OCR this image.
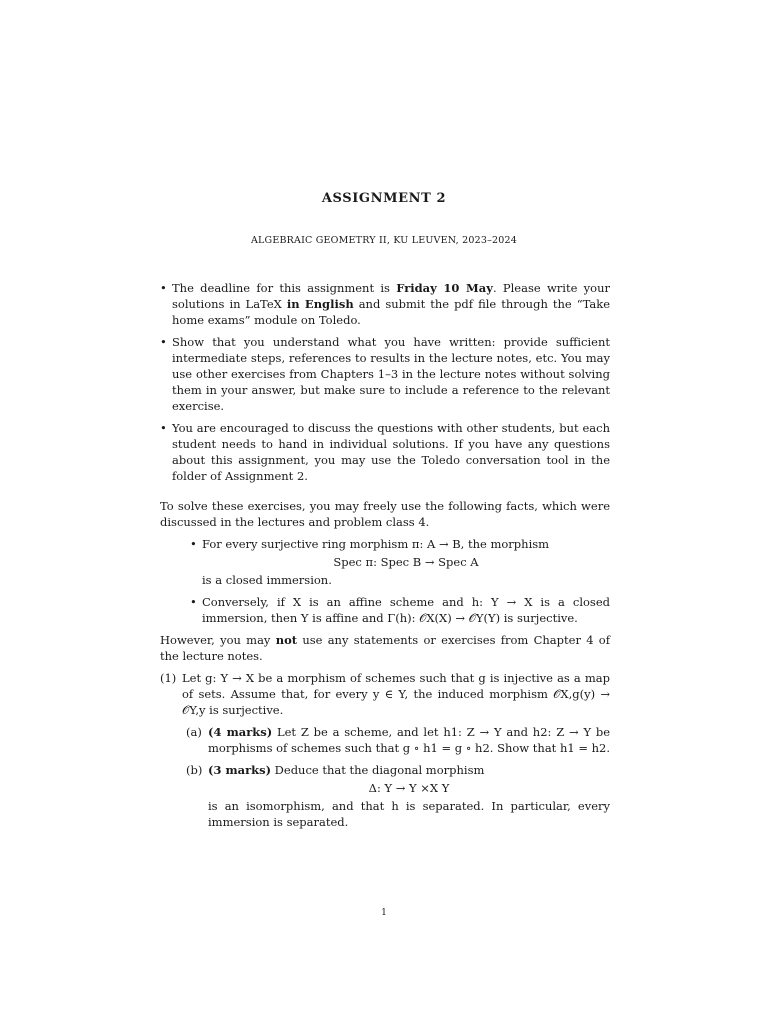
ASSIGNMENT 2
ALGEBRAIC GEOMETRY II, KU LEUVEN, 2023–2024
• The deadline for this assignment is Friday 10 May. Please write your solutions in LaTeX in English and submit the pdf file through the “Take home exams” module on Toledo.
• Show that you understand what you have written: provide sufficient intermediate steps, references to results in the lecture notes, etc. You may use other exercises from Chapters 1–3 in the lecture notes without solving them in your answer, but make sure to include a reference to the relevant exercise.
• You are encouraged to discuss the questions with other students, but each student needs to hand in individual solutions. If you have any questions about this assignment, you may use the Toledo conversation tool in the folder of Assignment 2.

To solve these exercises, you may freely use the following facts, which were discussed in the lectures and problem class 4.

• For every surjective ring morphism π: A → B, the morphism
Spec π: Spec B → Spec A
is a closed immersion.
• Conversely, if X is an affine scheme and h: Y → X is a closed immersion, then Y is affine and Γ(h): 𝒪X(X) → 𝒪Y(Y) is surjective.

However, you may not use any statements or exercises from Chapter 4 of the lecture notes.

(1) Let g: Y → X be a morphism of schemes such that g is injective as a map of sets. Assume that, for every y ∈ Y, the induced morphism 𝒪X,g(y) → 𝒪Y,y is surjective.
(a) (4 marks) Let Z be a scheme, and let h1: Z → Y and h2: Z → Y be morphisms of schemes such that g ∘ h1 = g ∘ h2. Show that h1 = h2.
(b) (3 marks) Deduce that the diagonal morphism
Δ: Y → Y ×X Y
is an isomorphism, and that h is separated. In particular, every immersion is separated.
1
